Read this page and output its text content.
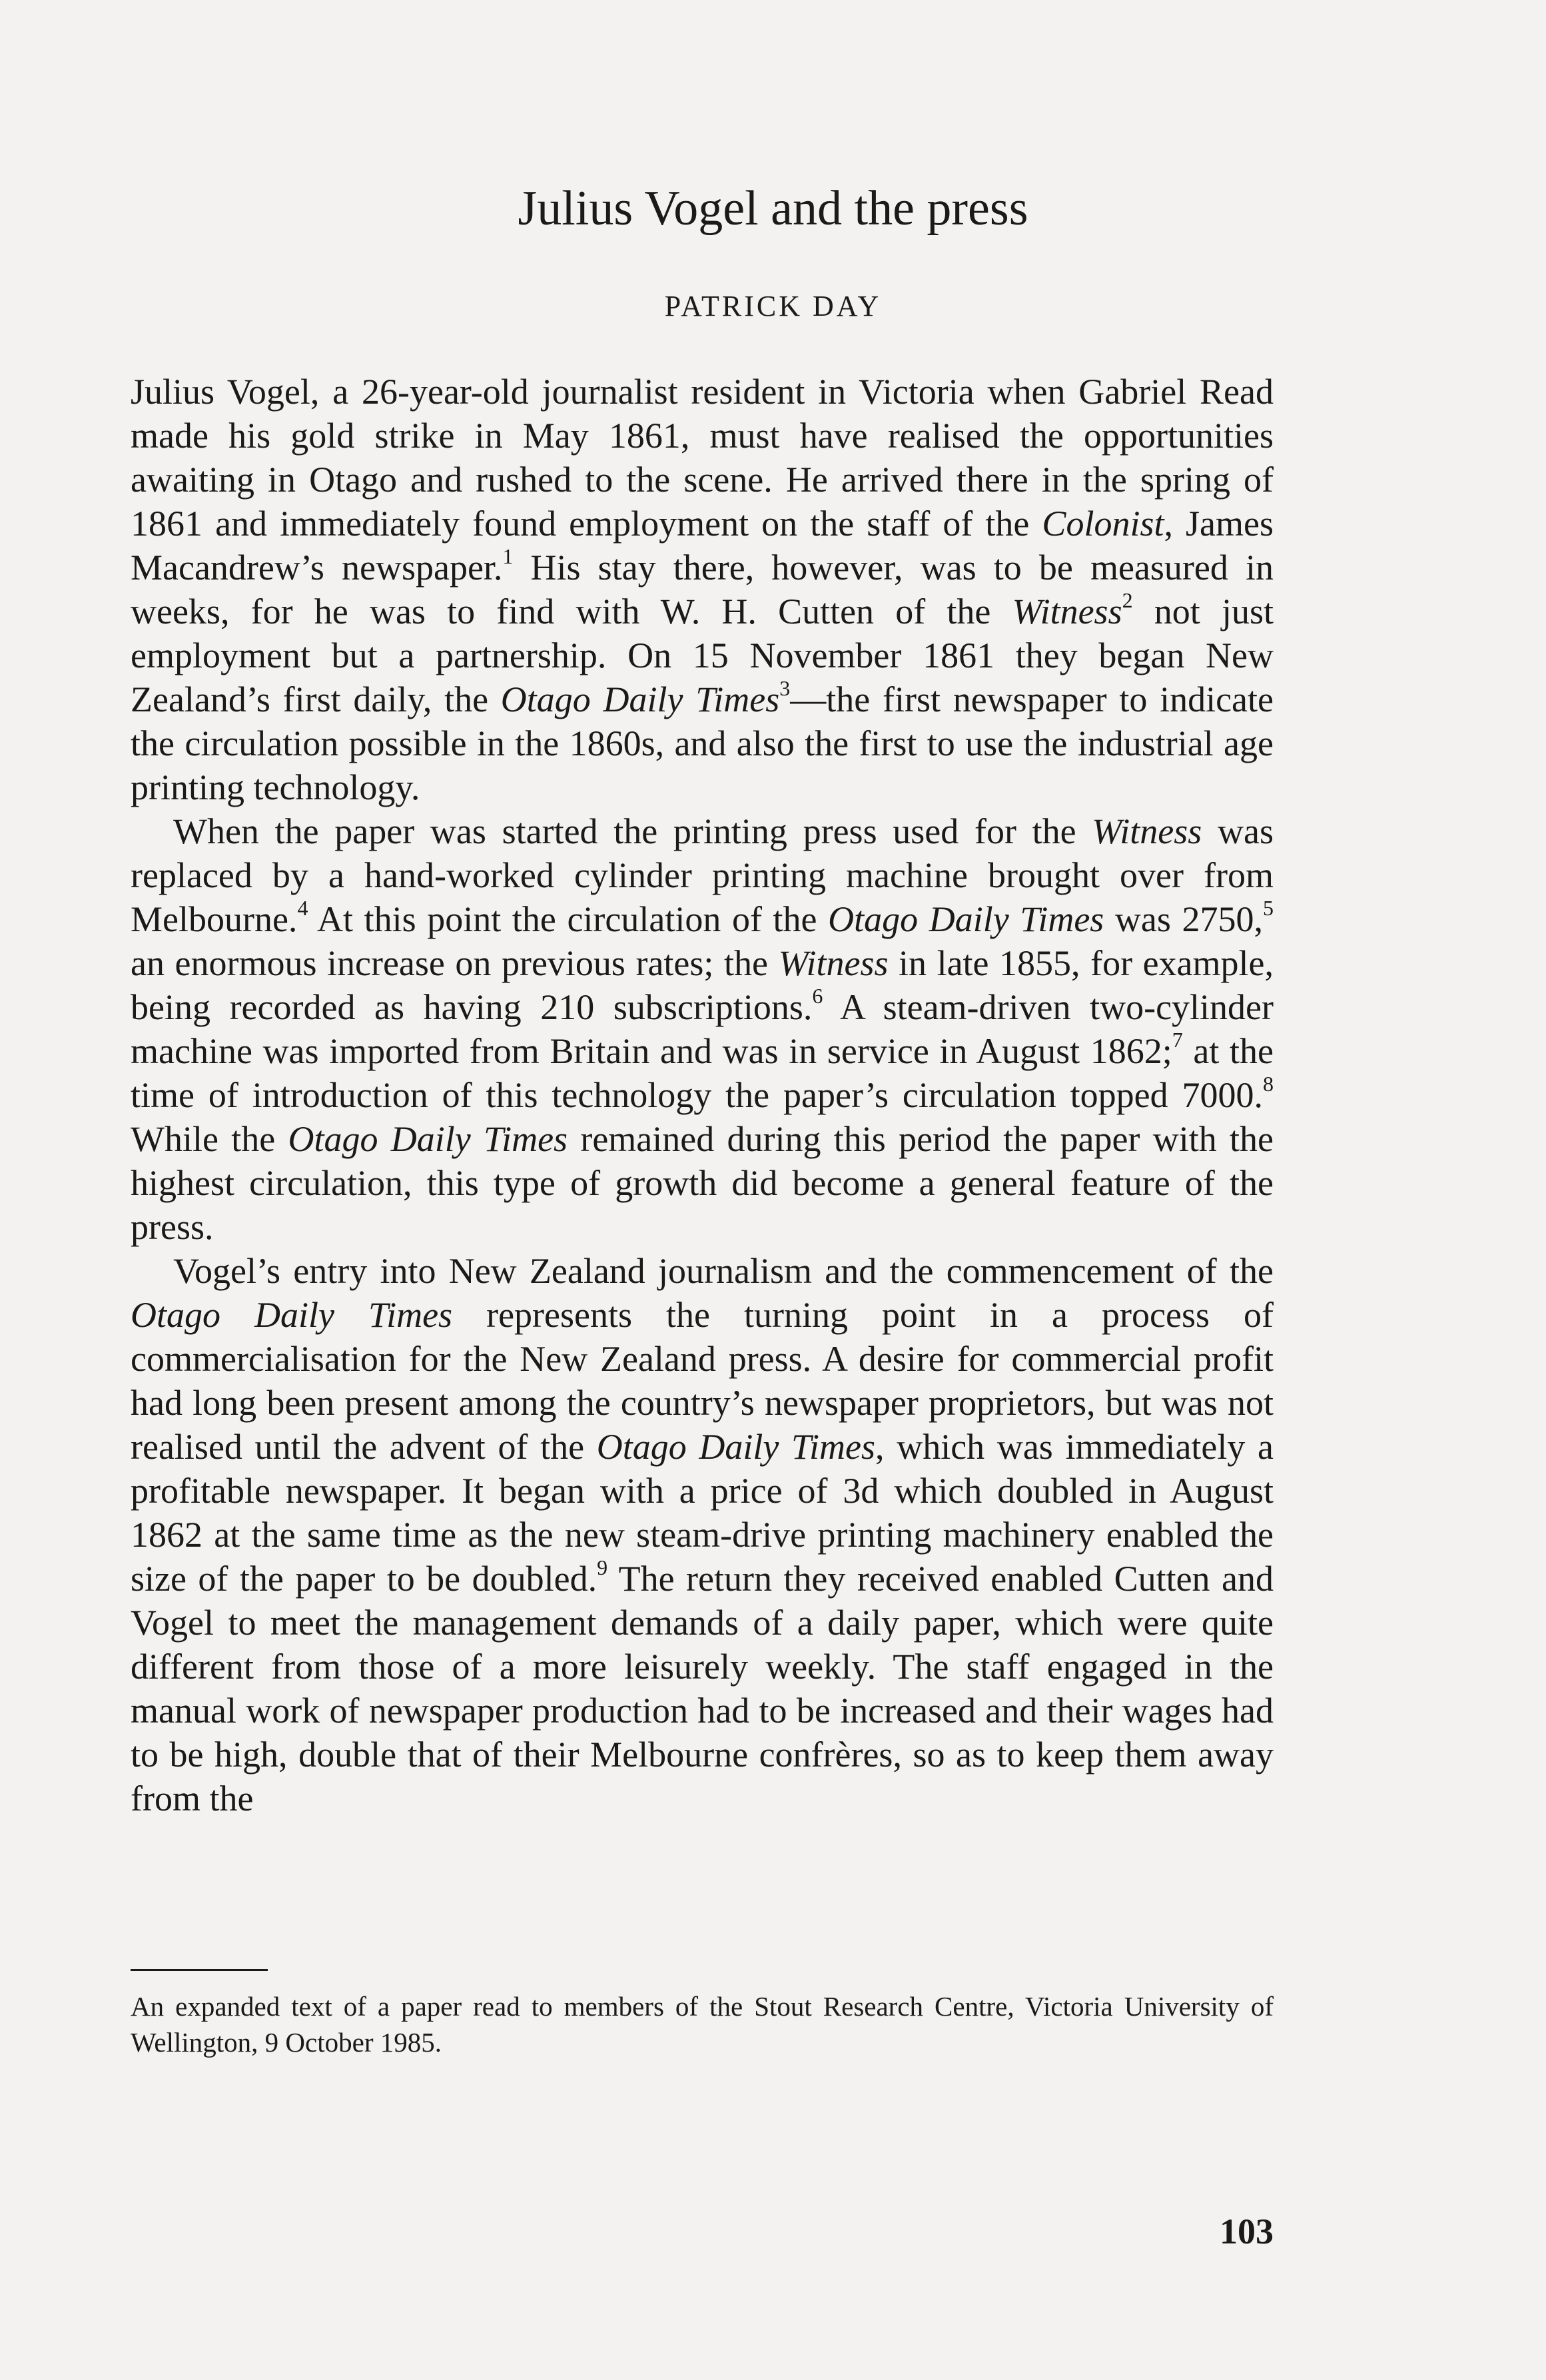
Julius Vogel and the press
PATRICK DAY

Julius Vogel, a 26-year-old journalist resident in Victoria when Gabriel Read made his gold strike in May 1861, must have realised the opportunities awaiting in Otago and rushed to the scene. He arrived there in the spring of 1861 and immediately found employment on the staff of the Colonist, James Macandrew’s newspaper.$^1$ His stay there, however, was to be measured in weeks, for he was to find with W. H. Cutten of the Witness$^2$ not just employment but a partnership. On 15 November 1861 they began New Zealand’s first daily, the Otago Daily Times$^3$—the first newspaper to indicate the circulation possible in the 1860s, and also the first to use the industrial age printing technology.

When the paper was started the printing press used for the Witness was replaced by a hand-worked cylinder printing machine brought over from Melbourne.$^4$ At this point the circulation of the Otago Daily Times was 2750,$^5$ an enormous increase on previous rates; the Witness in late 1855, for example, being recorded as having 210 subscriptions.$^6$ A steam-driven two-cylinder machine was imported from Britain and was in service in August 1862;$^7$ at the time of introduction of this technology the paper’s circulation topped 7000.$^8$ While the Otago Daily Times remained during this period the paper with the highest circulation, this type of growth did become a general feature of the press.

Vogel’s entry into New Zealand journalism and the commencement of the Otago Daily Times represents the turning point in a process of commercialisation for the New Zealand press. A desire for commercial profit had long been present among the country’s newspaper proprietors, but was not realised until the advent of the Otago Daily Times, which was immediately a profitable newspaper. It began with a price of 3d which doubled in August 1862 at the same time as the new steam-drive printing machinery enabled the size of the paper to be doubled.$^9$ The return they received enabled Cutten and Vogel to meet the management demands of a daily paper, which were quite different from those of a more leisurely weekly. The staff engaged in the manual work of newspaper production had to be increased and their wages had to be high, double that of their Melbourne confrères, so as to keep them away from the

An expanded text of a paper read to members of the Stout Research Centre, Victoria University of Wellington, 9 October 1985.
103
